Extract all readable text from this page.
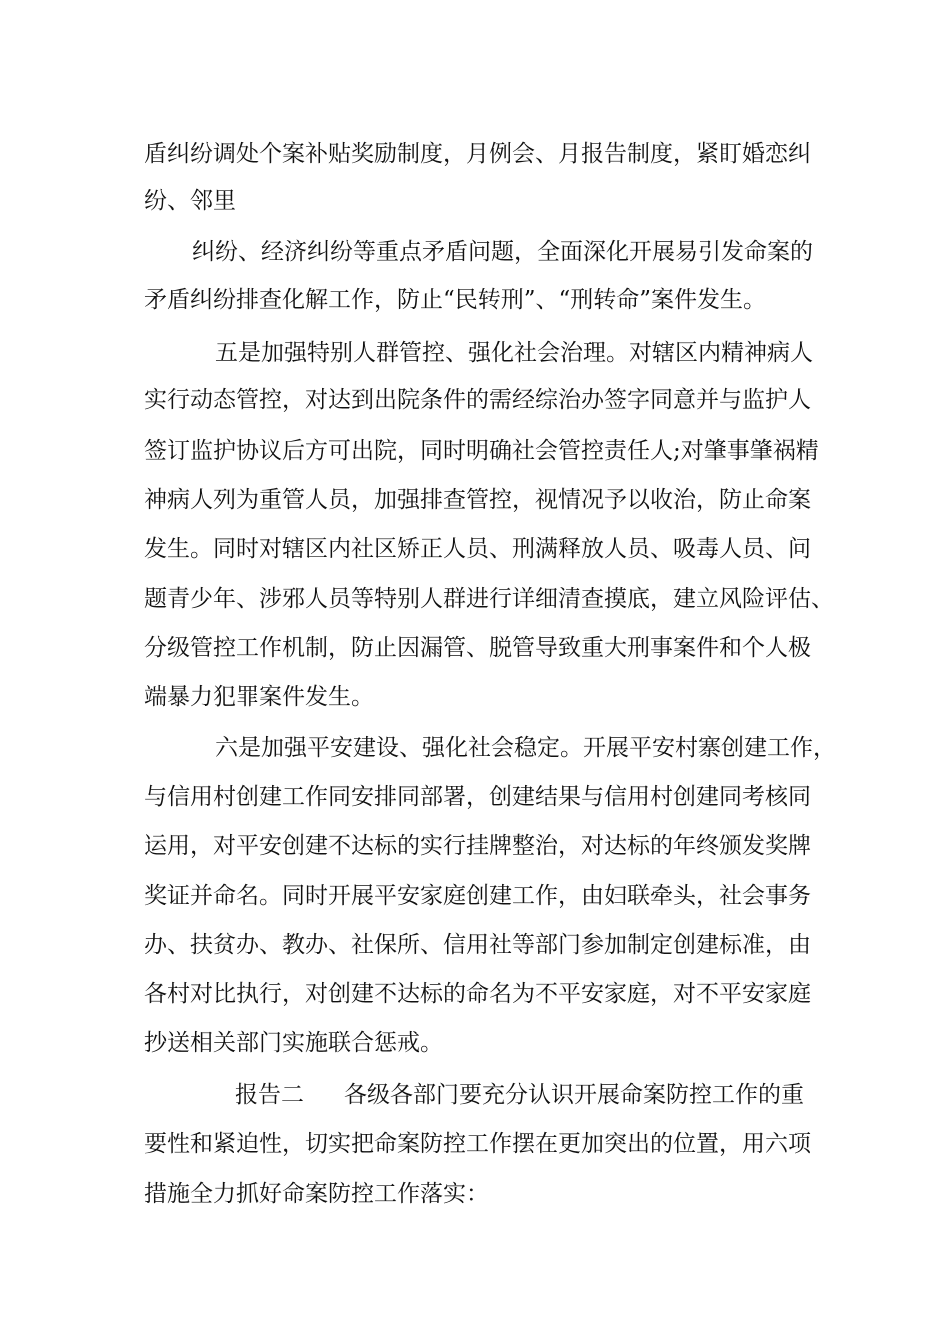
盾纠纷调处个案补贴奖励制度，月例会、月报告制度，紧盯婚恋纠
纷、邻里
纠纷、经济纠纷等重点矛盾问题，全面深化开展易引发命案的
矛盾纠纷排查化解工作，防止“民转刑”、“刑转命”案件发生。
五是加强特别人群管控、强化社会治理。对辖区内精神病人
实行动态管控，对达到出院条件的需经综治办签字同意并与监护人
签订监护协议后方可出院，同时明确社会管控责任人;对肇事肇祸精
神病人列为重管人员，加强排查管控，视情况予以收治，防止命案
发生。同时对辖区内社区矫正人员、刑满释放人员、吸毒人员、问
题青少年、涉邪人员等特别人群进行详细清查摸底，建立风险评估、
分级管控工作机制，防止因漏管、脱管导致重大刑事案件和个人极
端暴力犯罪案件发生。
六是加强平安建设、强化社会稳定。开展平安村寨创建工作，
与信用村创建工作同安排同部署，创建结果与信用村创建同考核同
运用，对平安创建不达标的实行挂牌整治，对达标的年终颁发奖牌
奖证并命名。同时开展平安家庭创建工作，由妇联牵头，社会事务
办、扶贫办、教办、社保所、信用社等部门参加制定创建标准，由
各村对比执行，对创建不达标的命名为不平安家庭，对不平安家庭
抄送相关部门实施联合惩戒。
报告二 各级各部门要充分认识开展命案防控工作的重
要性和紧迫性，切实把命案防控工作摆在更加突出的位置，用六项
措施全力抓好命案防控工作落实：
